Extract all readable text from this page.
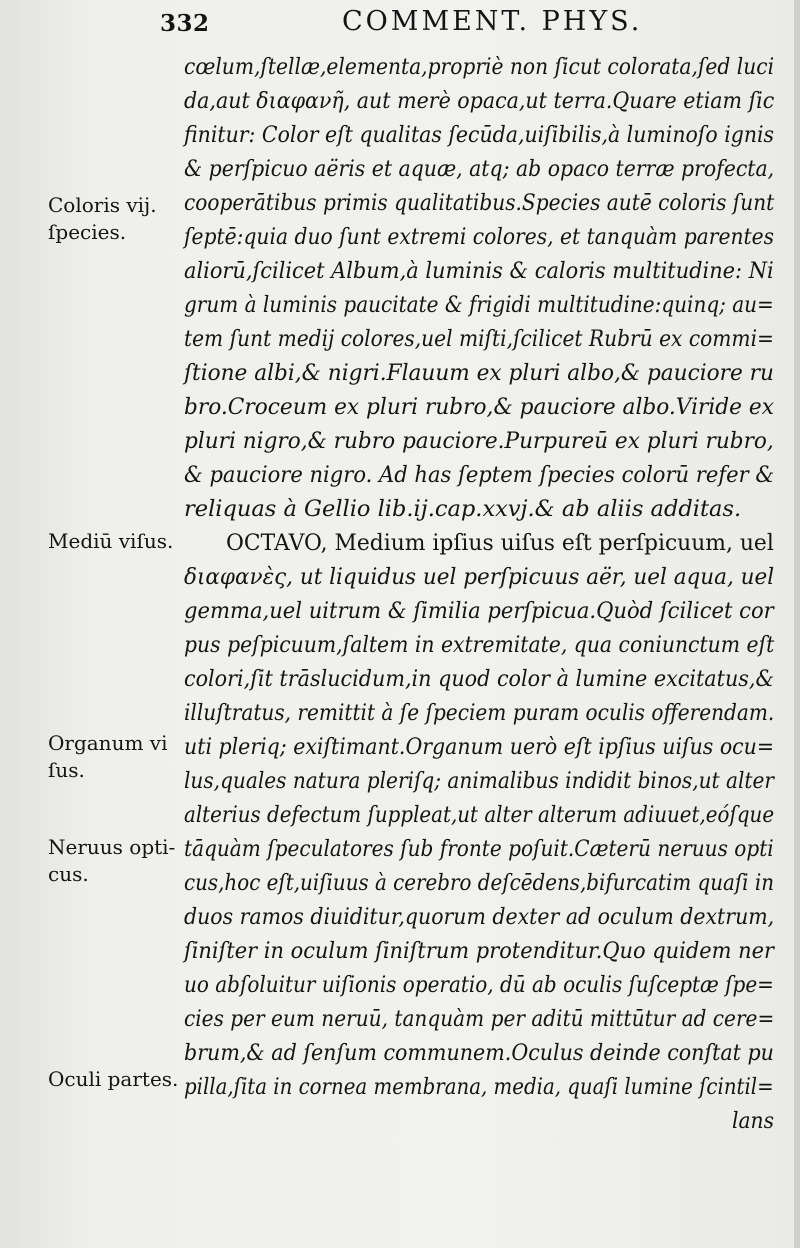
332	COMMENT. PHYS.
cœlum,ſtellæ,elementa,propriè non ſicut colorata,ſed luci
da,aut διαφανῆ, aut merè opaca,ut terra.Quare etiam ſic
finitur: Color eſt qualitas ſecūda,uiſibilis,à luminoſo ignis
& perſpicuo aëris et aquæ, atq; ab opaco terræ profecta,
cooperātibus primis qualitatibus.Species autē coloris ſunt
ſeptē:quia duo ſunt extremi colores, et tanquàm parentes
aliorū,ſcilicet Album,à luminis & caloris multitudine: Ni
grum à luminis paucitate & frigidi multitudine:quinq; au=
tem ſunt medij colores,uel miſti,ſcilicet Rubrū ex commi=
ſtione albi,& nigri.Flauum ex pluri albo,& pauciore ru
bro.Croceum ex pluri rubro,& pauciore albo.Viride ex
pluri nigro,& rubro pauciore.Purpureū ex pluri rubro,
& pauciore nigro. Ad has ſeptem ſpecies colorū refer &
reliquas à Gellio lib.ij.cap.xxvj.& ab aliis additas.
OCTAVO, Medium ipſius uiſus eſt perſpicuum, uel
διαφανὲς, ut liquidus uel perſpicuus aër, uel aqua, uel
gemma,uel uitrum & ſimilia perſpicua.Quòd ſcilicet cor
pus peſpicuum,ſaltem in extremitate, qua coniunctum eſt
colori,ſit trāslucidum,in quod color à lumine excitatus,&
illuſtratus, remittit à ſe ſpeciem puram oculis offerendam.
uti pleriq; exiſtimant.Organum uerò eſt ipſius uiſus ocu=
lus,quales natura pleriſq; animalibus indidit binos,ut alter
alterius defectum ſuppleat,ut alter alterum adiuuet,eóſque
tāquàm ſpeculatores ſub fronte poſuit.Cæterū neruus opti
cus,hoc eſt,uiſiuus à cerebro deſcēdens,bifurcatim quaſi in
duos ramos diuiditur,quorum dexter ad oculum dextrum,
ſiniſter in oculum ſiniſtrum protenditur.Quo quidem ner
uo abſoluitur uiſionis operatio, dū ab oculis ſuſceptæ ſpe=
cies per eum neruū, tanquàm per aditū mittūtur ad cere=
brum,& ad ſenſum communem.Oculus deinde conſtat pu
pilla,ſita in cornea membrana, media, quaſi lumine ſcintil=
lans
Coloris vij.
ſpecies.
Mediū viſus.
Organum vi
ſus.
Neruus opti-
cus.
Oculi partes.
